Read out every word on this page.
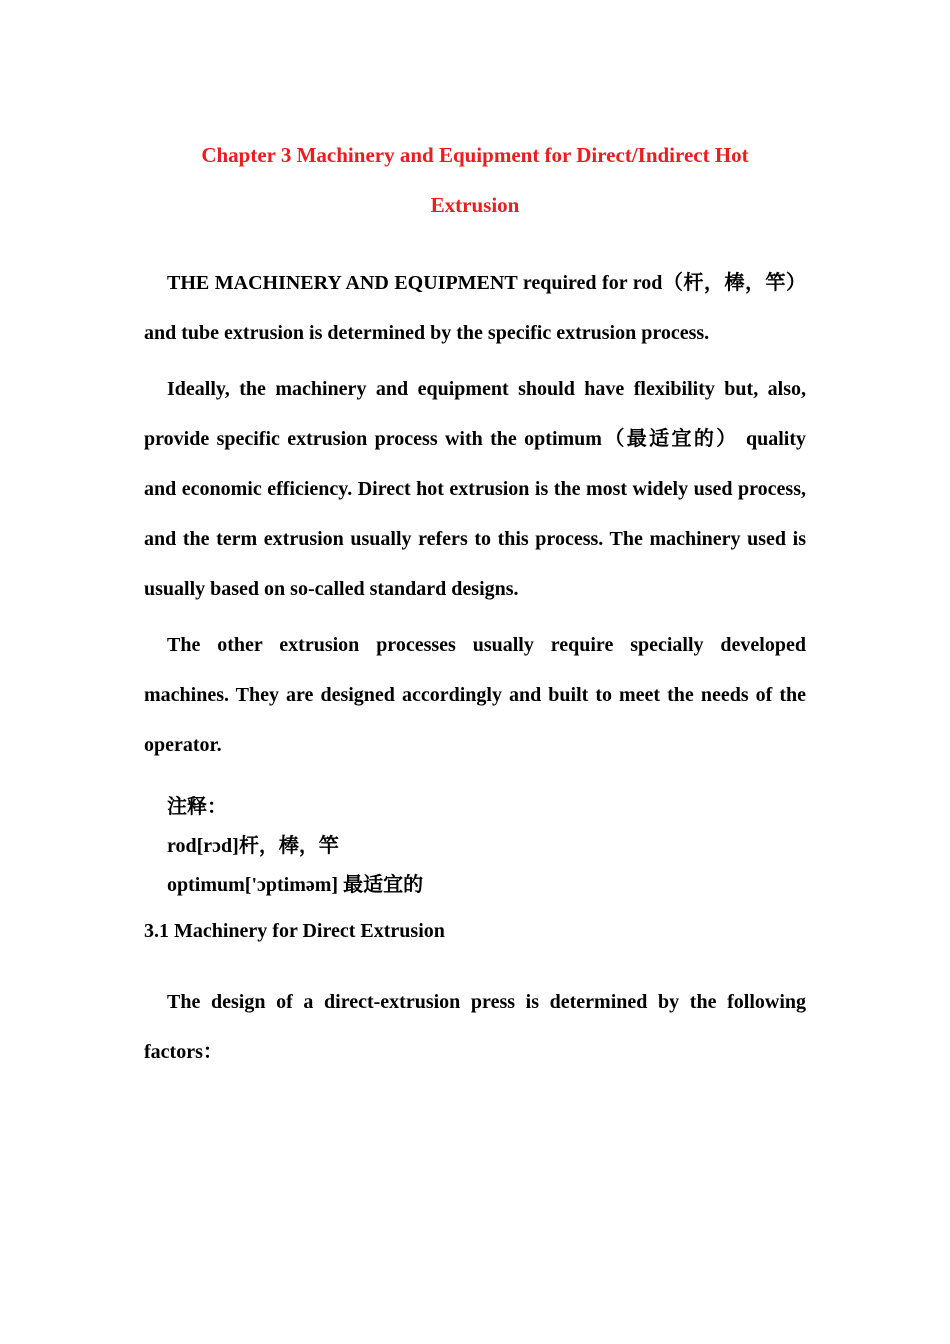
Chapter 3 Machinery and Equipment for Direct/Indirect Hot
Extrusion

THE MACHINERY AND EQUIPMENT required for rod（杆，棒，竿） and tube extrusion is determined by the specific extrusion process.

Ideally, the machinery and equipment should have flexibility but, also, provide specific extrusion process with the optimum（最适宜的） quality and economic efficiency. Direct hot extrusion is the most widely used process, and the term extrusion usually refers to this process. The machinery used is usually based on so-called standard designs.

The other extrusion processes usually require specially developed machines. They are designed accordingly and built to meet the needs of the operator.

注释：
rod[rɔd]杆，棒，竿
optimum['ɔptiməm] 最适宜的
3.1 Machinery for Direct Extrusion

The design of a direct-extrusion press is determined by the following factors：
